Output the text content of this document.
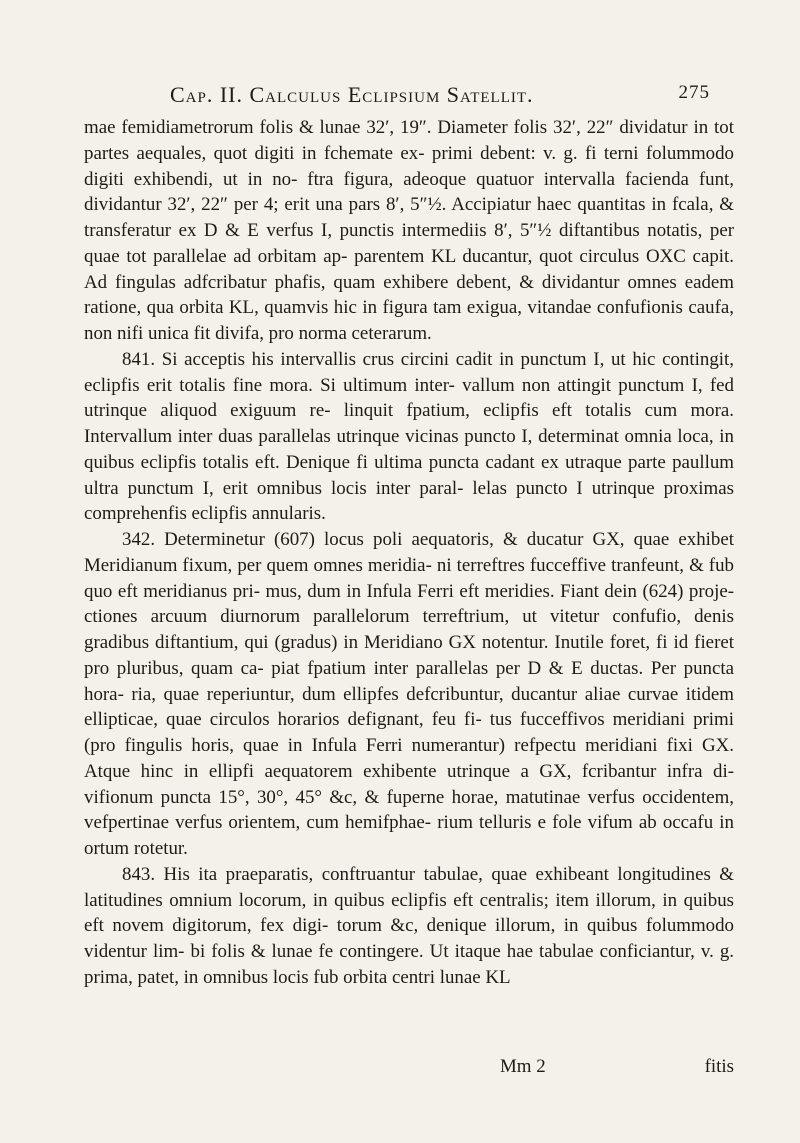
Cap. II. Calculus Eclipsium Satellit.	275

mae femidiametrorum folis & lunae 32′, 19″. Diameter folis 32′, 22″ dividatur in tot partes aequales, quot digiti in fchemate ex- primi debent: v. g. fi terni folummodo digiti exhibendi, ut in no- ftra figura, adeoque quatuor intervalla facienda funt, dividantur 32′, 22″ per 4; erit una pars 8′, 5″½. Accipiatur haec quantitas in fcala, & transferatur ex D & E verfus I, punctis intermediis 8′, 5″½ diftantibus notatis, per quae tot parallelae ad orbitam ap- parentem KL ducantur, quot circulus OXC capit. Ad fingulas adfcribatur phafis, quam exhibere debent, & dividantur omnes eadem ratione, qua orbita KL, quamvis hic in figura tam exigua, vitandae confufionis caufa, non nifi unica fit divifa, pro norma ceterarum.

841. Si acceptis his intervallis crus circini cadit in punctum I, ut hic contingit, eclipfis erit totalis fine mora. Si ultimum inter- vallum non attingit punctum I, fed utrinque aliquod exiguum re- linquit fpatium, eclipfis eft totalis cum mora. Intervallum inter duas parallelas utrinque vicinas puncto I, determinat omnia loca, in quibus eclipfis totalis eft. Denique fi ultima puncta cadant ex utraque parte paullum ultra punctum I, erit omnibus locis inter paral- lelas puncto I utrinque proximas comprehenfis eclipfis annularis.

342. Determinetur (607) locus poli aequatoris, & ducatur GX, quae exhibet Meridianum fixum, per quem omnes meridia- ni terreftres fucceffive tranfeunt, & fub quo eft meridianus pri- mus, dum in Infula Ferri eft meridies. Fiant dein (624) proje- ctiones arcuum diurnorum parallelorum terreftrium, ut vitetur confufio, denis gradibus diftantium, qui (gradus) in Meridiano GX notentur. Inutile foret, fi id fieret pro pluribus, quam ca- piat fpatium inter parallelas per D & E ductas. Per puncta hora- ria, quae reperiuntur, dum ellipfes defcribuntur, ducantur aliae curvae itidem ellipticae, quae circulos horarios defignant, feu fi- tus fucceffivos meridiani primi (pro fingulis horis, quae in Infula Ferri numerantur) refpectu meridiani fixi GX. Atque hinc in ellipfi aequatorem exhibente utrinque a GX, fcribantur infra di- vifionum puncta 15°, 30°, 45° &c, & fuperne horae, matutinae verfus occidentem, vefpertinae verfus orientem, cum hemifphae- rium telluris e fole vifum ab occafu in ortum rotetur.

843. His ita praeparatis, conftruantur tabulae, quae exhibeant longitudines & latitudines omnium locorum, in quibus eclipfis eft centralis; item illorum, in quibus eft novem digitorum, fex digi- torum &c, denique illorum, in quibus folummodo videntur lim- bi folis & lunae fe contingere. Ut itaque hae tabulae conficiantur, v. g. prima, patet, in omnibus locis fub orbita centri lunae KL

Mm 2	fitis
